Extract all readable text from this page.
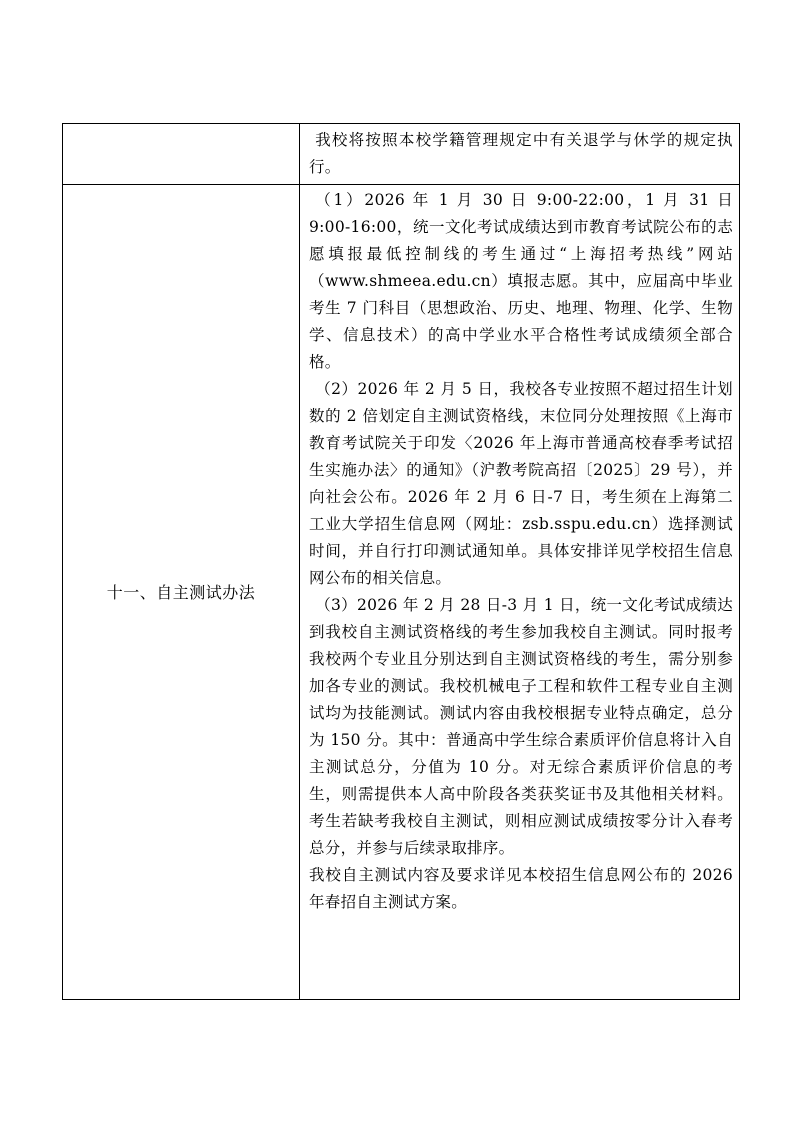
我校将按照本校学籍管理规定中有关退学与休学的规定执行。

十一、自主测试办法

（1）2026 年 1 月 30 日 9:00-22:00，1 月 31 日 9:00-16:00，统一文化考试成绩达到市教育考试院公布的志愿填报最低控制线的考生通过“上海招考热线”网站（www.shmeea.edu.cn）填报志愿。其中，应届高中毕业考生 7 门科目（思想政治、历史、地理、物理、化学、生物学、信息技术）的高中学业水平合格性考试成绩须全部合格。

（2）2026 年 2 月 5 日，我校各专业按照不超过招生计划数的 2 倍划定自主测试资格线，末位同分处理按照《上海市教育考试院关于印发〈2026 年上海市普通高校春季考试招生实施办法〉的通知》（沪教考院高招〔2025〕29 号），并向社会公布。2026 年 2 月 6 日-7 日，考生须在上海第二工业大学招生信息网（网址：zsb.sspu.edu.cn）选择测试时间，并自行打印测试通知单。具体安排详见学校招生信息网公布的相关信息。

（3）2026 年 2 月 28 日-3 月 1 日，统一文化考试成绩达到我校自主测试资格线的考生参加我校自主测试。同时报考我校两个专业且分别达到自主测试资格线的考生，需分别参加各专业的测试。我校机械电子工程和软件工程专业自主测试均为技能测试。测试内容由我校根据专业特点确定，总分为 150 分。其中：普通高中学生综合素质评价信息将计入自主测试总分，分值为 10 分。对无综合素质评价信息的考生，则需提供本人高中阶段各类获奖证书及其他相关材料。考生若缺考我校自主测试，则相应测试成绩按零分计入春考总分，并参与后续录取排序。

我校自主测试内容及要求详见本校招生信息网公布的 2026 年春招自主测试方案。
